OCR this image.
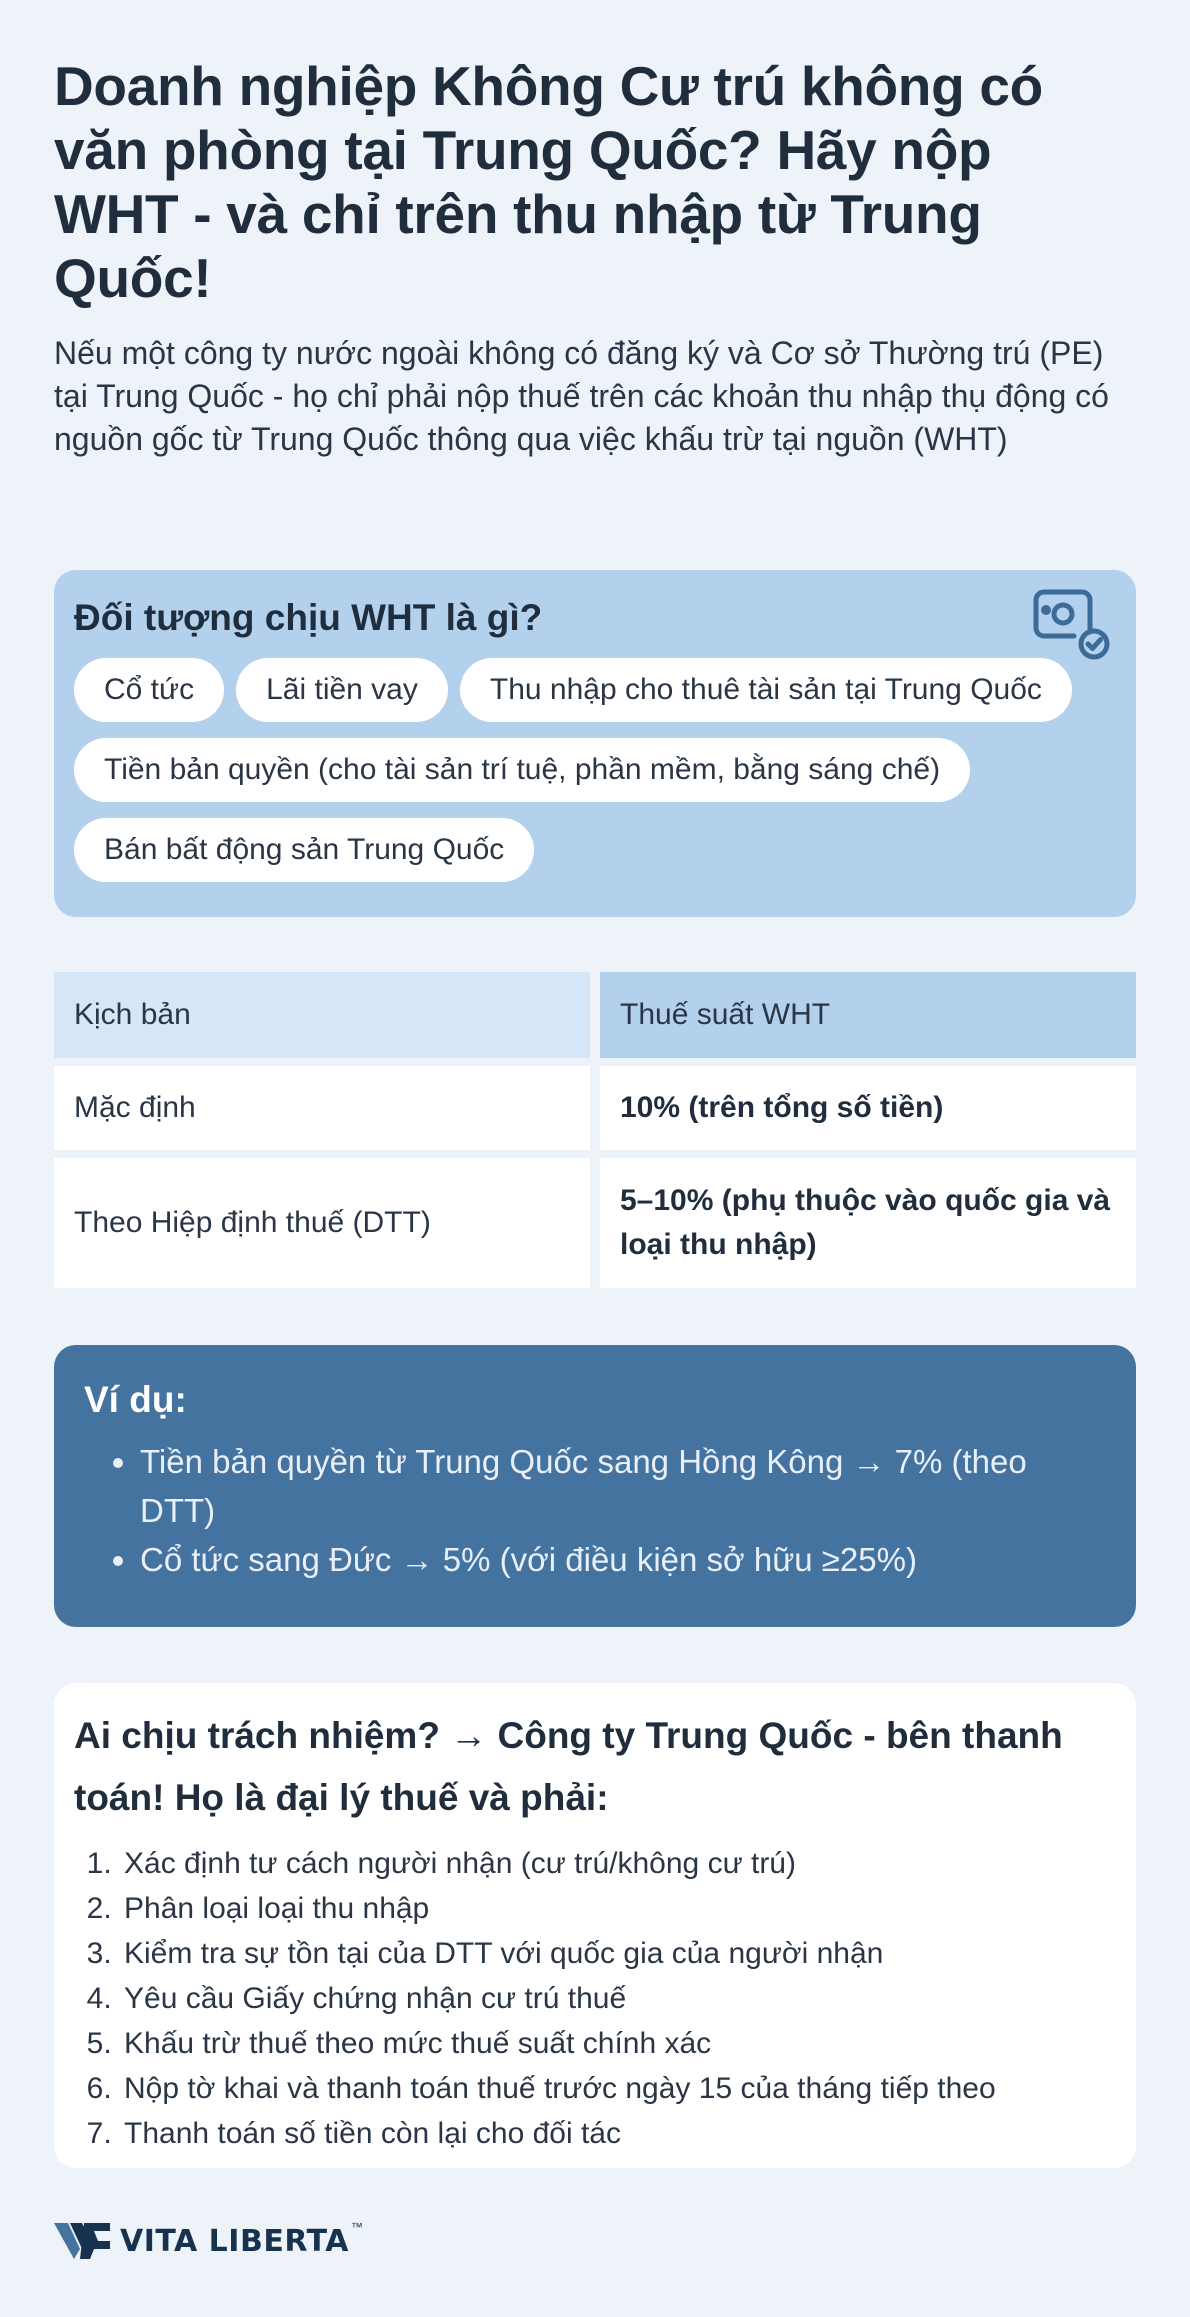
Doanh nghiệp Không Cư trú không có văn phòng tại Trung Quốc? Hãy nộp WHT - và chỉ trên thu nhập từ Trung Quốc!

Nếu một công ty nước ngoài không có đăng ký và Cơ sở Thường trú (PE) tại Trung Quốc - họ chỉ phải nộp thuế trên các khoản thu nhập thụ động có nguồn gốc từ Trung Quốc thông qua việc khấu trừ tại nguồn (WHT)

Đối tượng chịu WHT là gì?
Cổ tức Lãi tiền vay Thu nhập cho thuê tài sản tại Trung QuốcTiền bản quyền (cho tài sản trí tuệ, phần mềm, bằng sáng chế)Bán bất động sản Trung Quốc
Kịch bản	Thuế suất WHT
Mặc định	10% (trên tổng số tiền)
Theo Hiệp định thuế (DTT)
5–10% (phụ thuộc vào quốc gia và loại thu nhập)
Ví dụ:
• Tiền bản quyền từ Trung Quốc sang Hồng Kông → 7% (theo DTT)
• Cổ tức sang Đức → 5% (với điều kiện sở hữu ≥25%)
Ai chịu trách nhiệm? → Công ty Trung Quốc - bên thanh toán! Họ là đại lý thuế và phải:
1. Xác định tư cách người nhận (cư trú/không cư trú)
2. Phân loại loại thu nhập
3. Kiểm tra sự tồn tại của DTT với quốc gia của người nhận
4. Yêu cầu Giấy chứng nhận cư trú thuế
5. Khấu trừ thuế theo mức thuế suất chính xác
6. Nộp tờ khai và thanh toán thuế trước ngày 15 của tháng tiếp theo
7. Thanh toán số tiền còn lại cho đối tác
VITA LIBERTA ™
